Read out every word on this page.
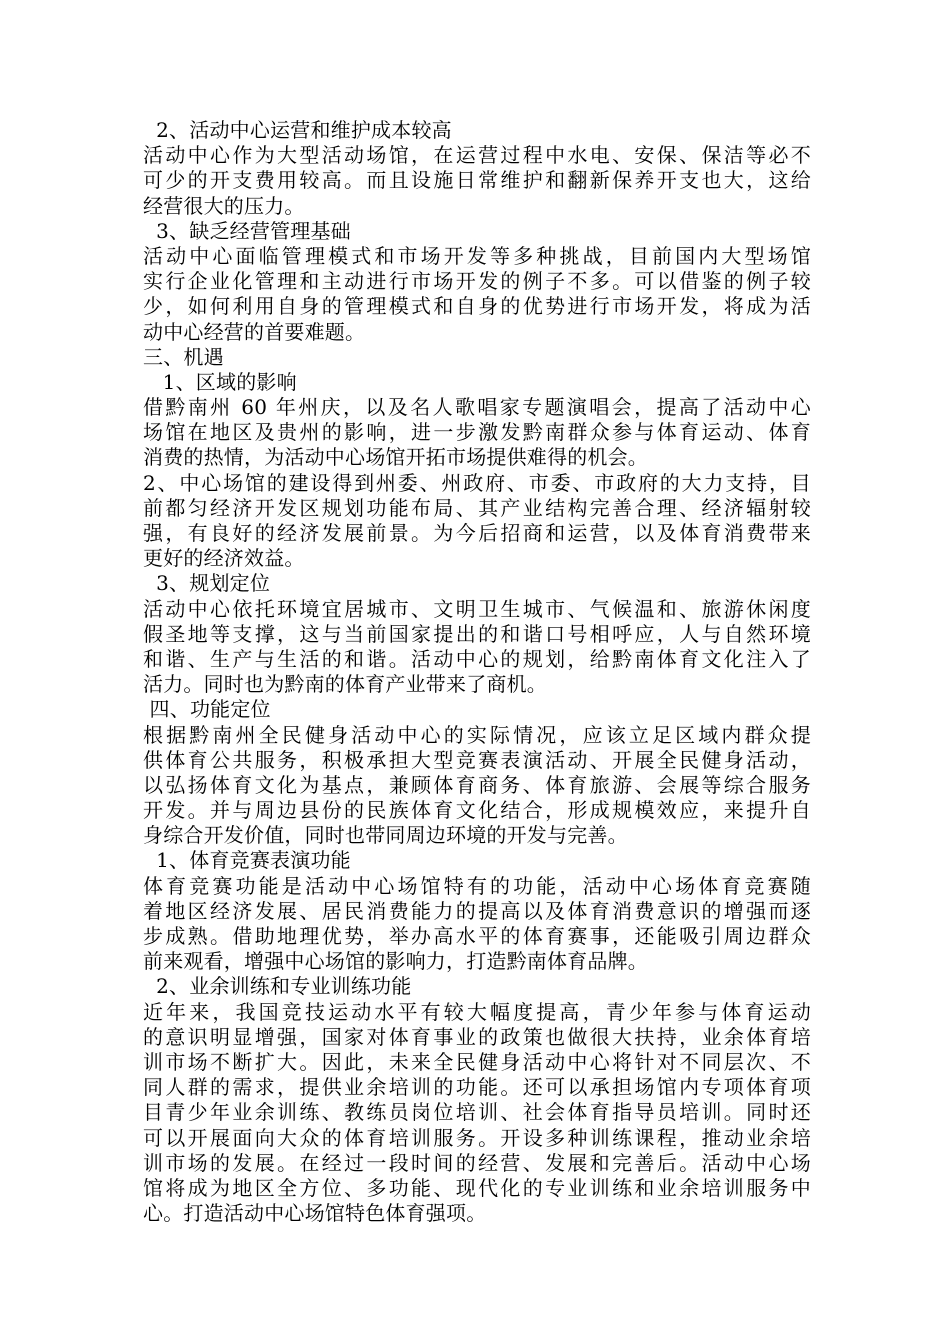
2、活动中心运营和维护成本较高
活动中心作为大型活动场馆，在运营过程中水电、安保、保洁等必不
可少的开支费用较高。而且设施日常维护和翻新保养开支也大，这给
经营很大的压力。
3、缺乏经营管理基础
活动中心面临管理模式和市场开发等多种挑战，目前国内大型场馆
实行企业化管理和主动进行市场开发的例子不多。可以借鉴的例子较
少，如何利用自身的管理模式和自身的优势进行市场开发，将成为活
动中心经营的首要难题。
三、机遇
1、区域的影响
借黔南州 60 年州庆，以及名人歌唱家专题演唱会，提高了活动中心
场馆在地区及贵州的影响，进一步激发黔南群众参与体育运动、体育
消费的热情，为活动中心场馆开拓市场提供难得的机会。
2、中心场馆的建设得到州委、州政府、市委、市政府的大力支持，目
前都匀经济开发区规划功能布局、其产业结构完善合理、经济辐射较
强，有良好的经济发展前景。为今后招商和运营，以及体育消费带来
更好的经济效益。
3、规划定位
活动中心依托环境宜居城市、文明卫生城市、气候温和、旅游休闲度
假圣地等支撑，这与当前国家提出的和谐口号相呼应，人与自然环境
和谐、生产与生活的和谐。活动中心的规划，给黔南体育文化注入了
活力。同时也为黔南的体育产业带来了商机。
四、功能定位
根据黔南州全民健身活动中心的实际情况，应该立足区域内群众提
供体育公共服务，积极承担大型竞赛表演活动、开展全民健身活动，
以弘扬体育文化为基点，兼顾体育商务、体育旅游、会展等综合服务
开发。并与周边县份的民族体育文化结合，形成规模效应，来提升自
身综合开发价值，同时也带同周边环境的开发与完善。
1、体育竞赛表演功能
体育竞赛功能是活动中心场馆特有的功能，活动中心场体育竞赛随
着地区经济发展、居民消费能力的提高以及体育消费意识的增强而逐
步成熟。借助地理优势，举办高水平的体育赛事，还能吸引周边群众
前来观看，增强中心场馆的影响力，打造黔南体育品牌。
2、业余训练和专业训练功能
近年来，我国竞技运动水平有较大幅度提高，青少年参与体育运动
的意识明显增强，国家对体育事业的政策也做很大扶持，业余体育培
训市场不断扩大。因此，未来全民健身活动中心将针对不同层次、不
同人群的需求，提供业余培训的功能。还可以承担场馆内专项体育项
目青少年业余训练、教练员岗位培训、社会体育指导员培训。同时还
可以开展面向大众的体育培训服务。开设多种训练课程，推动业余培
训市场的发展。在经过一段时间的经营、发展和完善后。活动中心场
馆将成为地区全方位、多功能、现代化的专业训练和业余培训服务中
心。打造活动中心场馆特色体育强项。
